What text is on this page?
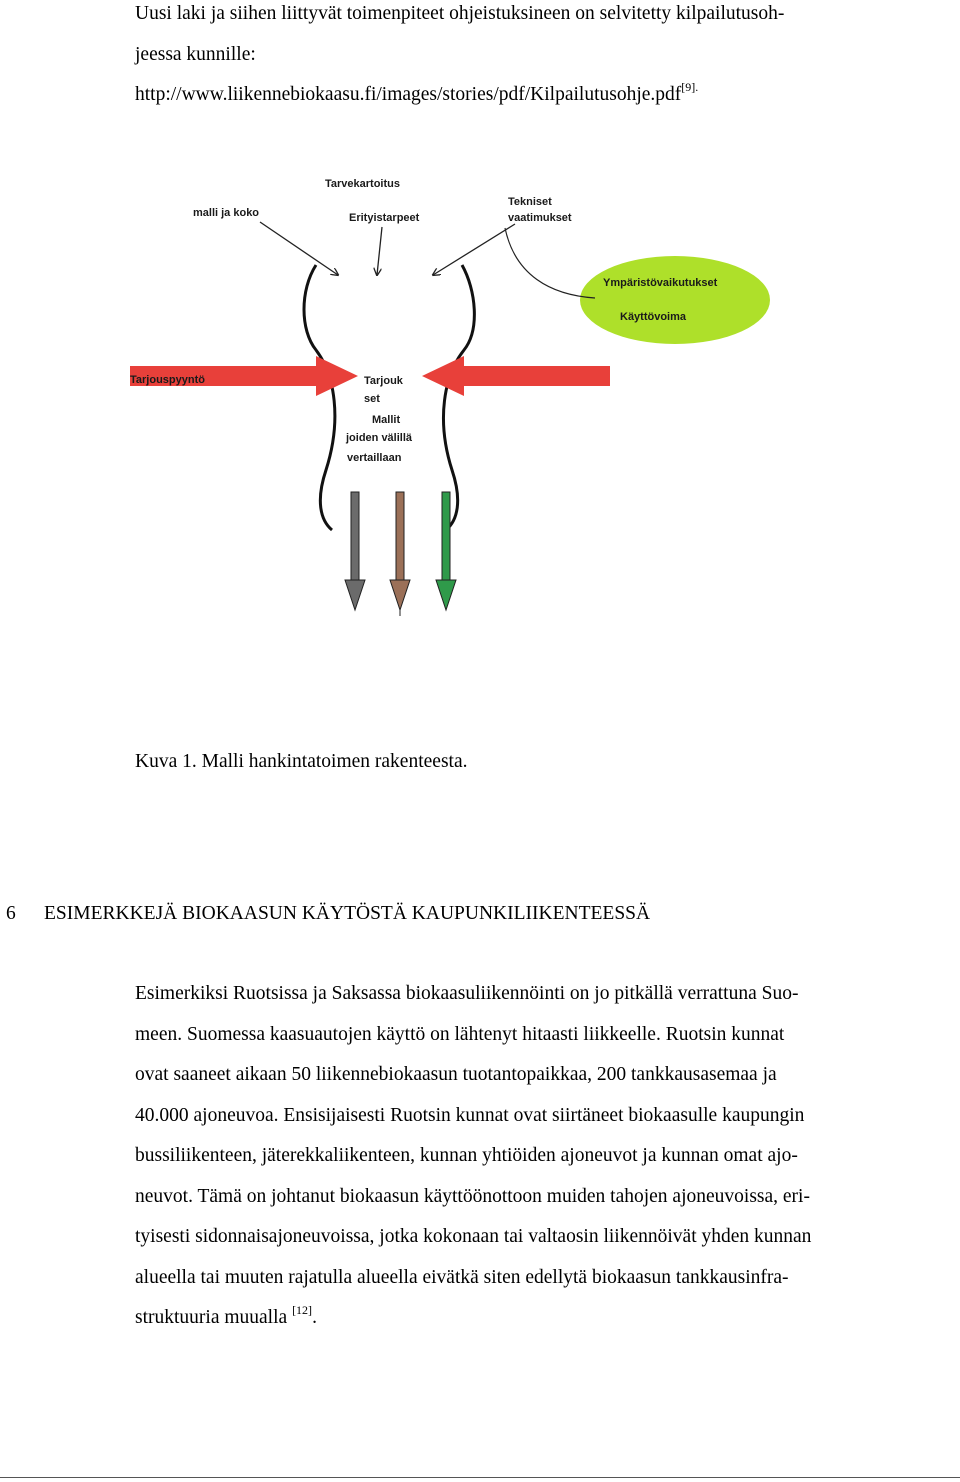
Uusi laki ja siihen liittyvät toimenpiteet ohjeistuksineen on selvitetty kilpailutusoh-
jeessa kunnille:
http://www.liikennebiokaasu.fi/images/stories/pdf/Kilpailutusohje.pdf$^{[9].}$
Tarvekartoitus
malli ja koko	Erityistarpeet
Tekniset
vaatimukset
Ympäristövaikutukset
Käyttövoima
Tarjouspyyntö	Tarjouk
set
Mallit
joiden välillä
vertaillaan
Kuva 1. Malli hankintatoimen rakenteesta.
6 ESIMERKKEJÄ BIOKAASUN KÄYTÖSTÄ KAUPUNKILIIKENTEESSÄ
Esimerkiksi Ruotsissa ja Saksassa biokaasuliikennöinti on jo pitkällä verrattuna Suo-
meen. Suomessa kaasuautojen käyttö on lähtenyt hitaasti liikkeelle. Ruotsin kunnat
ovat saaneet aikaan 50 liikennebiokaasun tuotantopaikkaa, 200 tankkausasemaa ja
40.000 ajoneuvoa. Ensisijaisesti Ruotsin kunnat ovat siirtäneet biokaasulle kaupungin
bussiliikenteen, jäterekkaliikenteen, kunnan yhtiöiden ajoneuvot ja kunnan omat ajo-
neuvot. Tämä on johtanut biokaasun käyttöönottoon muiden tahojen ajoneuvoissa, eri-
tyisesti sidonnaisajoneuvoissa, jotka kokonaan tai valtaosin liikennöivät yhden kunnan
alueella tai muuten rajatulla alueella eivätkä siten edellytä biokaasun tankkausinfra-
struktuuria muualla [12].
